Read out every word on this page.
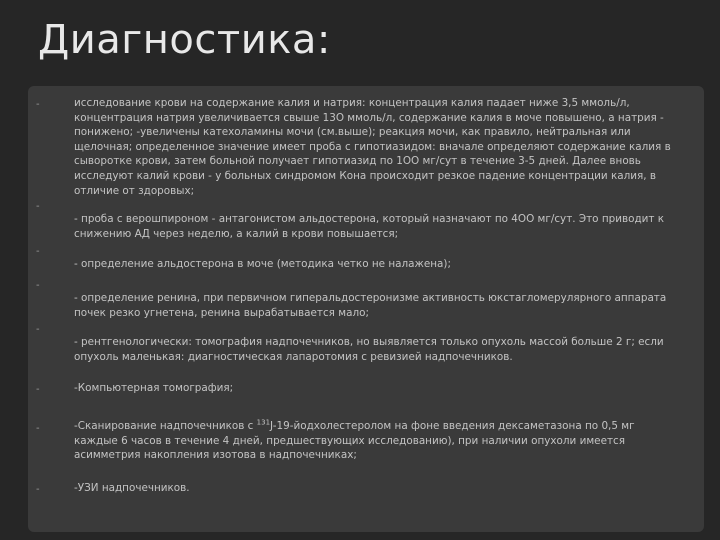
Диагностика:
-	исследование крови на содержание калия и натрия: концентрация калия падает ниже 3,5 ммоль/л, концентрация натрия увеличивается свыше 13О ммоль/л, содержание калия в моче повышено, а натрия - понижено; -увеличены катехоламины мочи (см.выше); реакция мочи, как правило, нейтральная или щелочная; определенное значение имеет проба с гипотиазидом: вначале определяют содержание калия в сыворотке крови, затем больной получает гипотиазид по 1ОО мг/сут в течение 3-5 дней. Далее вновь исследуют калий крови - у больных синдромом Кона происходит резкое падение концентрации калия, в отличие от здоровых;

-

- проба с верошпироном - антагонистом альдостерона, который назначают по 4ОО мг/сут. Это приводит к снижению АД через неделю, а калий в крови повышается;

-

- определение альдостерона в моче (методика четко не налажена);

-

- определение ренина, при первичном гиперальдостеронизме активность юкстагломерулярного аппарата почек резко угнетена, ренина вырабатывается мало;

-

- рентгенологически: томография надпочечников, но выявляется только опухоль массой больше 2 г; если опухоль маленькая: диагностическая лапаротомия с ревизией надпочечников.

-	-Компьютерная томография;

-	-Сканирование надпочечников с $^{131}$J-19-йодхолестеролом на фоне введения дексаметазона по 0,5 мг каждые 6 часов в течение 4 дней, предшествующих исследованию), при наличии опухоли имеется асимметрия накопления изотова в надпочечниках;

-	-УЗИ надпочечников.
